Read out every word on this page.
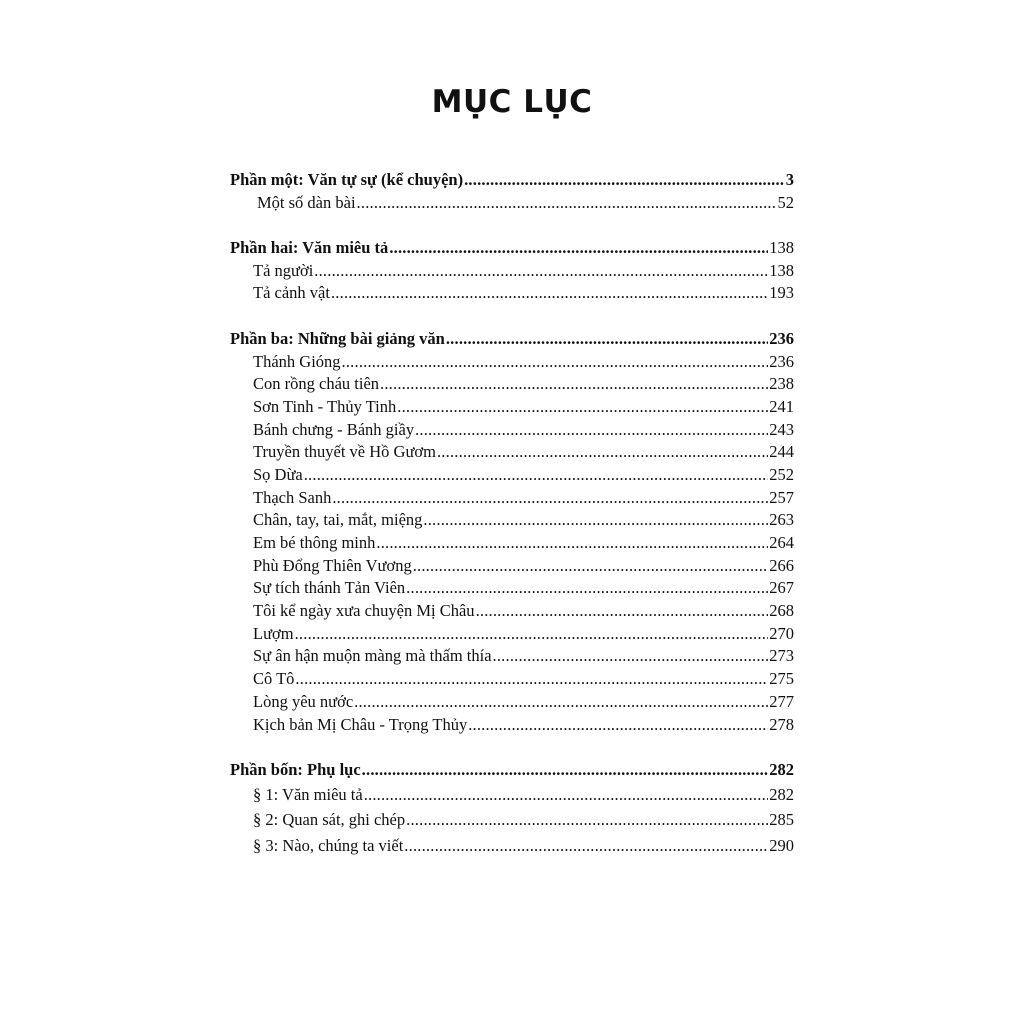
MỤC LỤC
Phần một: Văn tự sự (kể chuyện) .....	3
Một số dàn bài .....	52
Phần hai: Văn miêu tả .....	138
Tả người .....	138
Tả cảnh vật .....	193
Phần ba: Những bài giảng văn .....	236
Thánh Gióng .....	236
Con rồng cháu tiên .....	238
Sơn Tinh - Thủy Tinh .....	241
Bánh chưng - Bánh giầy .....	243
Truyền thuyết về Hồ Gươm .....	244
Sọ Dừa .....	252
Thạch Sanh .....	257
Chân, tay, tai, mắt, miệng .....	263
Em bé thông minh .....	264
Phù Đổng Thiên Vương .....	266
Sự tích thánh Tản Viên .....	267
Tôi kể ngày xưa chuyện Mị Châu .....	268
Lượm .....	270
Sự ân hận muộn màng mà thấm thía .....	273
Cô Tô .....	275
Lòng yêu nước .....	277
Kịch bản Mị Châu - Trọng Thủy .....	278
Phần bốn: Phụ lục .....	282
§ 1: Văn miêu tả .....	282
§ 2: Quan sát, ghi chép .....	285
§ 3: Nào, chúng ta viết .....	290
